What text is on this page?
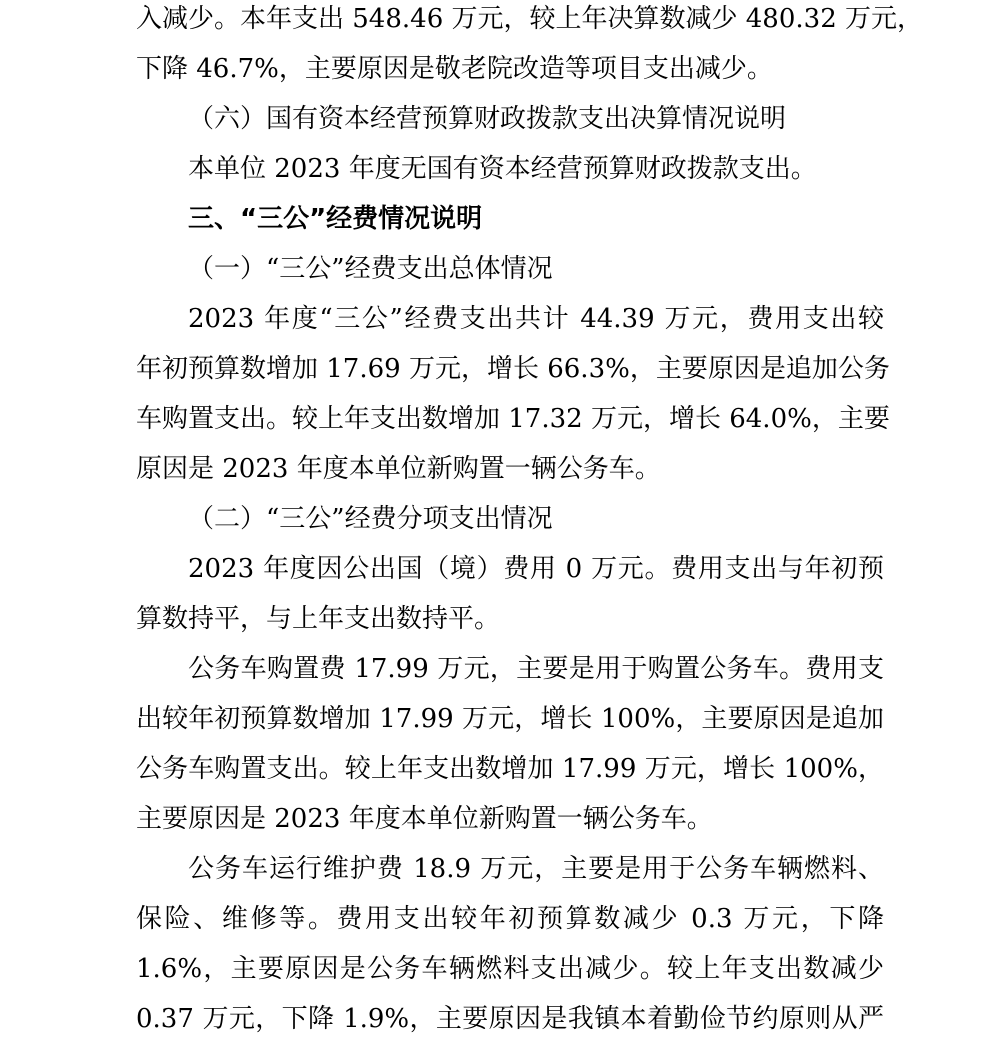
入减少。本年支出 548.46 万元，较上年决算数减少 480.32 万元，
下降 46.7%，主要原因是敬老院改造等项目支出减少。
（六）国有资本经营预算财政拨款支出决算情况说明
本单位 2023 年度无国有资本经营预算财政拨款支出。
三、“三公”经费情况说明
（一）“三公”经费支出总体情况
2023 年度“三公”经费支出共计 44.39 万元，费用支出较
年初预算数增加 17.69 万元，增长 66.3%，主要原因是追加公务
车购置支出。较上年支出数增加 17.32 万元，增长 64.0%，主要
原因是 2023 年度本单位新购置一辆公务车。
（二）“三公”经费分项支出情况
2023 年度因公出国（境）费用 0 万元。费用支出与年初预
算数持平，与上年支出数持平。
公务车购置费 17.99 万元，主要是用于购置公务车。费用支
出较年初预算数增加 17.99 万元，增长 100%，主要原因是追加
公务车购置支出。较上年支出数增加 17.99 万元，增长 100%，
主要原因是 2023 年度本单位新购置一辆公务车。
公务车运行维护费 18.9 万元，主要是用于公务车辆燃料、
保险、维修等。费用支出较年初预算数减少 0.3 万元，下降
1.6%，主要原因是公务车辆燃料支出减少。较上年支出数减少
0.37 万元，下降 1.9%，主要原因是我镇本着勤俭节约原则从严
